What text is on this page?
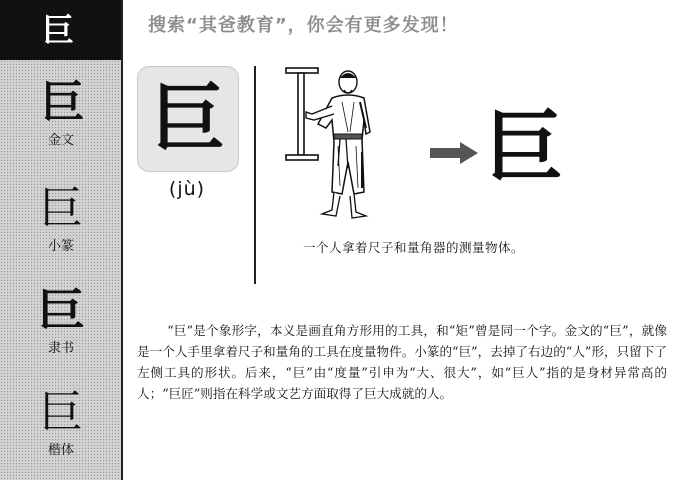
巨
巨
金文
巨
小篆
巨
隶书
巨
楷体
搜索“其爸教育”，你会有更多发现！
巨
(jù)	巨
一个人拿着尺子和量角器的测量物体。
“巨”是个象形字，本义是画直角方形用的工具，和“矩”曾是同一个字。金文的“巨”，就像是一个人手里拿着尺子和量角的工具在度量物件。小篆的“巨”，去掉了右边的“人”形，只留下了左侧工具的形状。后来，“巨”由“度量”引申为“大、很大”，如“巨人”指的是身材异常高的人；“巨匠”则指在科学或文艺方面取得了巨大成就的人。
